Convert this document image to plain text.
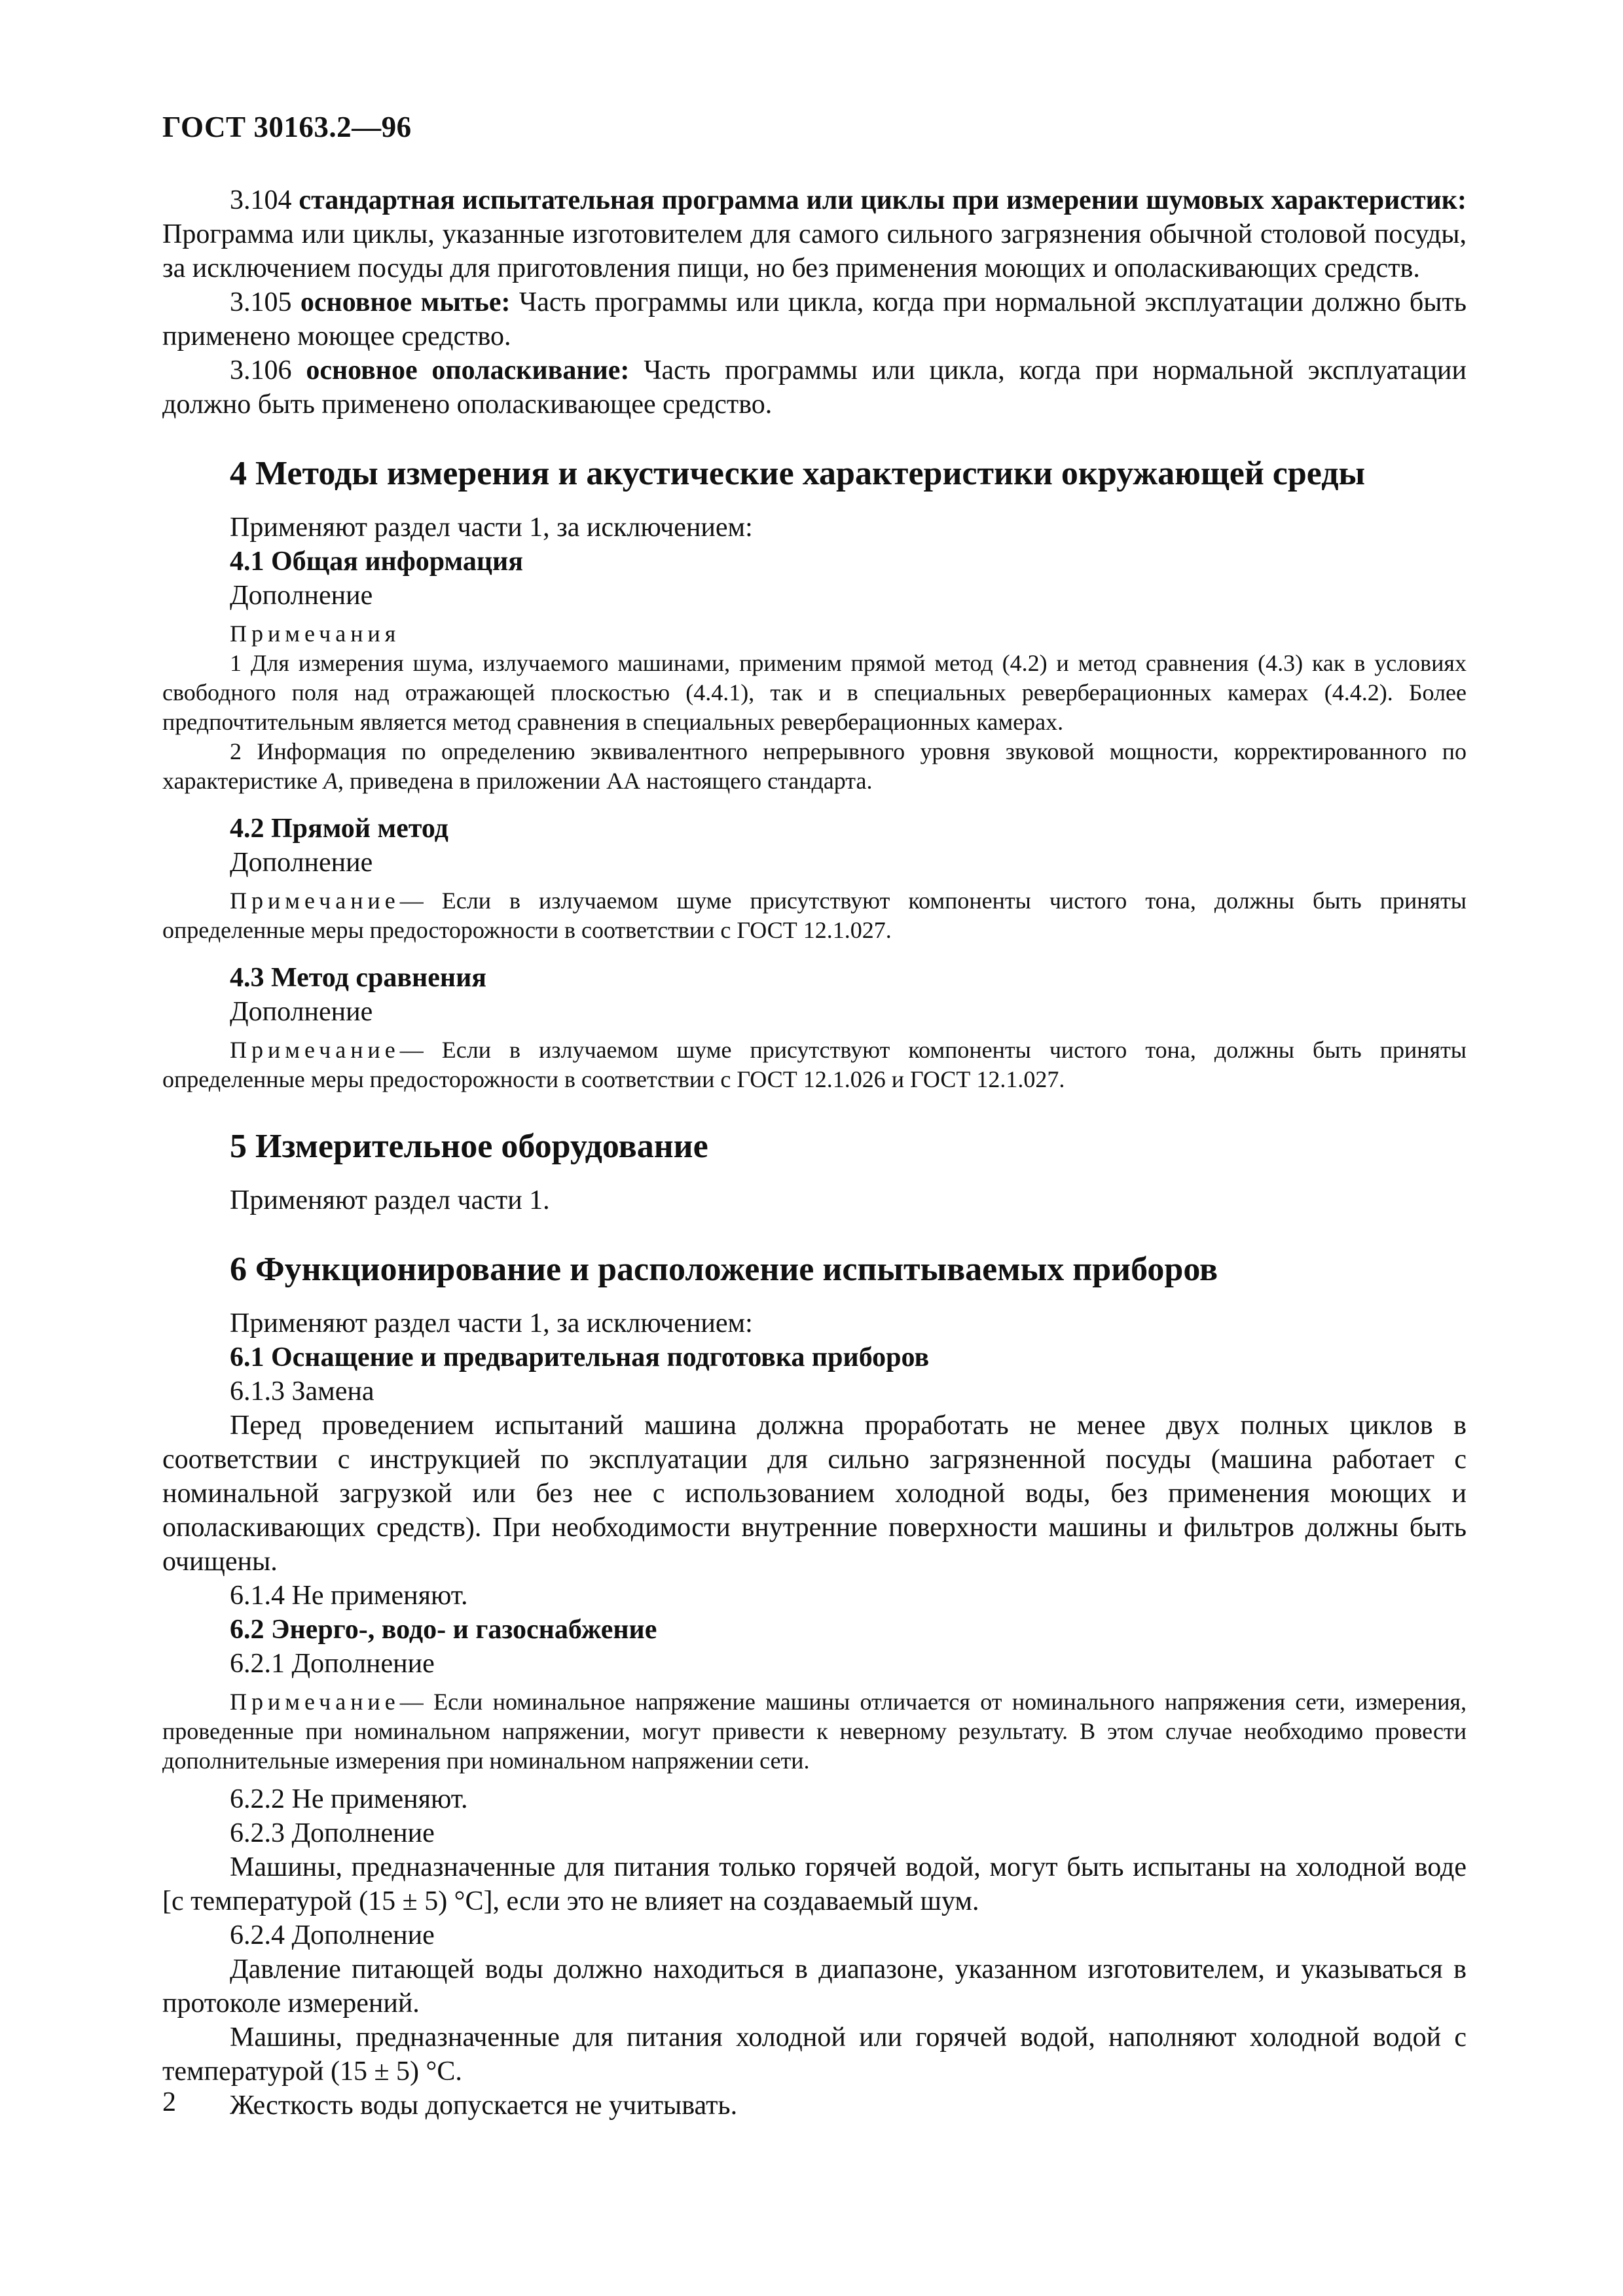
ГОСТ 30163.2—96

3.104 стандартная испытательная программа или циклы при измерении шумовых характеристик: Программа или циклы, указанные изготовителем для самого сильного загрязнения обычной столовой посуды, за исключением посуды для приготовления пищи, но без применения моющих и ополаскивающих средств.

3.105 основное мытье: Часть программы или цикла, когда при нормальной эксплуатации должно быть применено моющее средство.

3.106 основное ополаскивание: Часть программы или цикла, когда при нормальной эксплуатации должно быть применено ополаскивающее средство.

4 Методы измерения и акустические характеристики окружающей среды

Применяют раздел части 1, за исключением:

4.1 Общая информация

Дополнение

Примечания

1 Для измерения шума, излучаемого машинами, применим прямой метод (4.2) и метод сравнения (4.3) как в условиях свободного поля над отражающей плоскостью (4.4.1), так и в специальных реверберационных камерах (4.4.2). Более предпочтительным является метод сравнения в специальных реверберационных камерах.

2 Информация по определению эквивалентного непрерывного уровня звуковой мощности, корректированного по характеристике A, приведена в приложении АА настоящего стандарта.

4.2 Прямой метод

Дополнение

Примечание— Если в излучаемом шуме присутствуют компоненты чистого тона, должны быть приняты определенные меры предосторожности в соответствии с ГОСТ 12.1.027.

4.3 Метод сравнения

Дополнение

Примечание— Если в излучаемом шуме присутствуют компоненты чистого тона, должны быть приняты определенные меры предосторожности в соответствии с ГОСТ 12.1.026 и ГОСТ 12.1.027.

5 Измерительное оборудование

Применяют раздел части 1.

6 Функционирование и расположение испытываемых приборов

Применяют раздел части 1, за исключением:

6.1 Оснащение и предварительная подготовка приборов

6.1.3 Замена

Перед проведением испытаний машина должна проработать не менее двух полных циклов в соответствии с инструкцией по эксплуатации для сильно загрязненной посуды (машина работает с номинальной загрузкой или без нее с использованием холодной воды, без применения моющих и ополаскивающих средств). При необходимости внутренние поверхности машины и фильтров должны быть очищены.

6.1.4 Не применяют.

6.2 Энерго-, водо- и газоснабжение

6.2.1 Дополнение

Примечание— Если номинальное напряжение машины отличается от номинального напряжения сети, измерения, проведенные при номинальном напряжении, могут привести к неверному результату. В этом случае необходимо провести дополнительные измерения при номинальном напряжении сети.

6.2.2 Не применяют.

6.2.3 Дополнение

Машины, предназначенные для питания только горячей водой, могут быть испытаны на холодной воде [с температурой (15 ± 5) °С], если это не влияет на создаваемый шум.

6.2.4 Дополнение

Давление питающей воды должно находиться в диапазоне, указанном изготовителем, и указываться в протоколе измерений.

Машины, предназначенные для питания холодной или горячей водой, наполняют холодной водой с температурой (15 ± 5) °С.

Жесткость воды допускается не учитывать.

2
